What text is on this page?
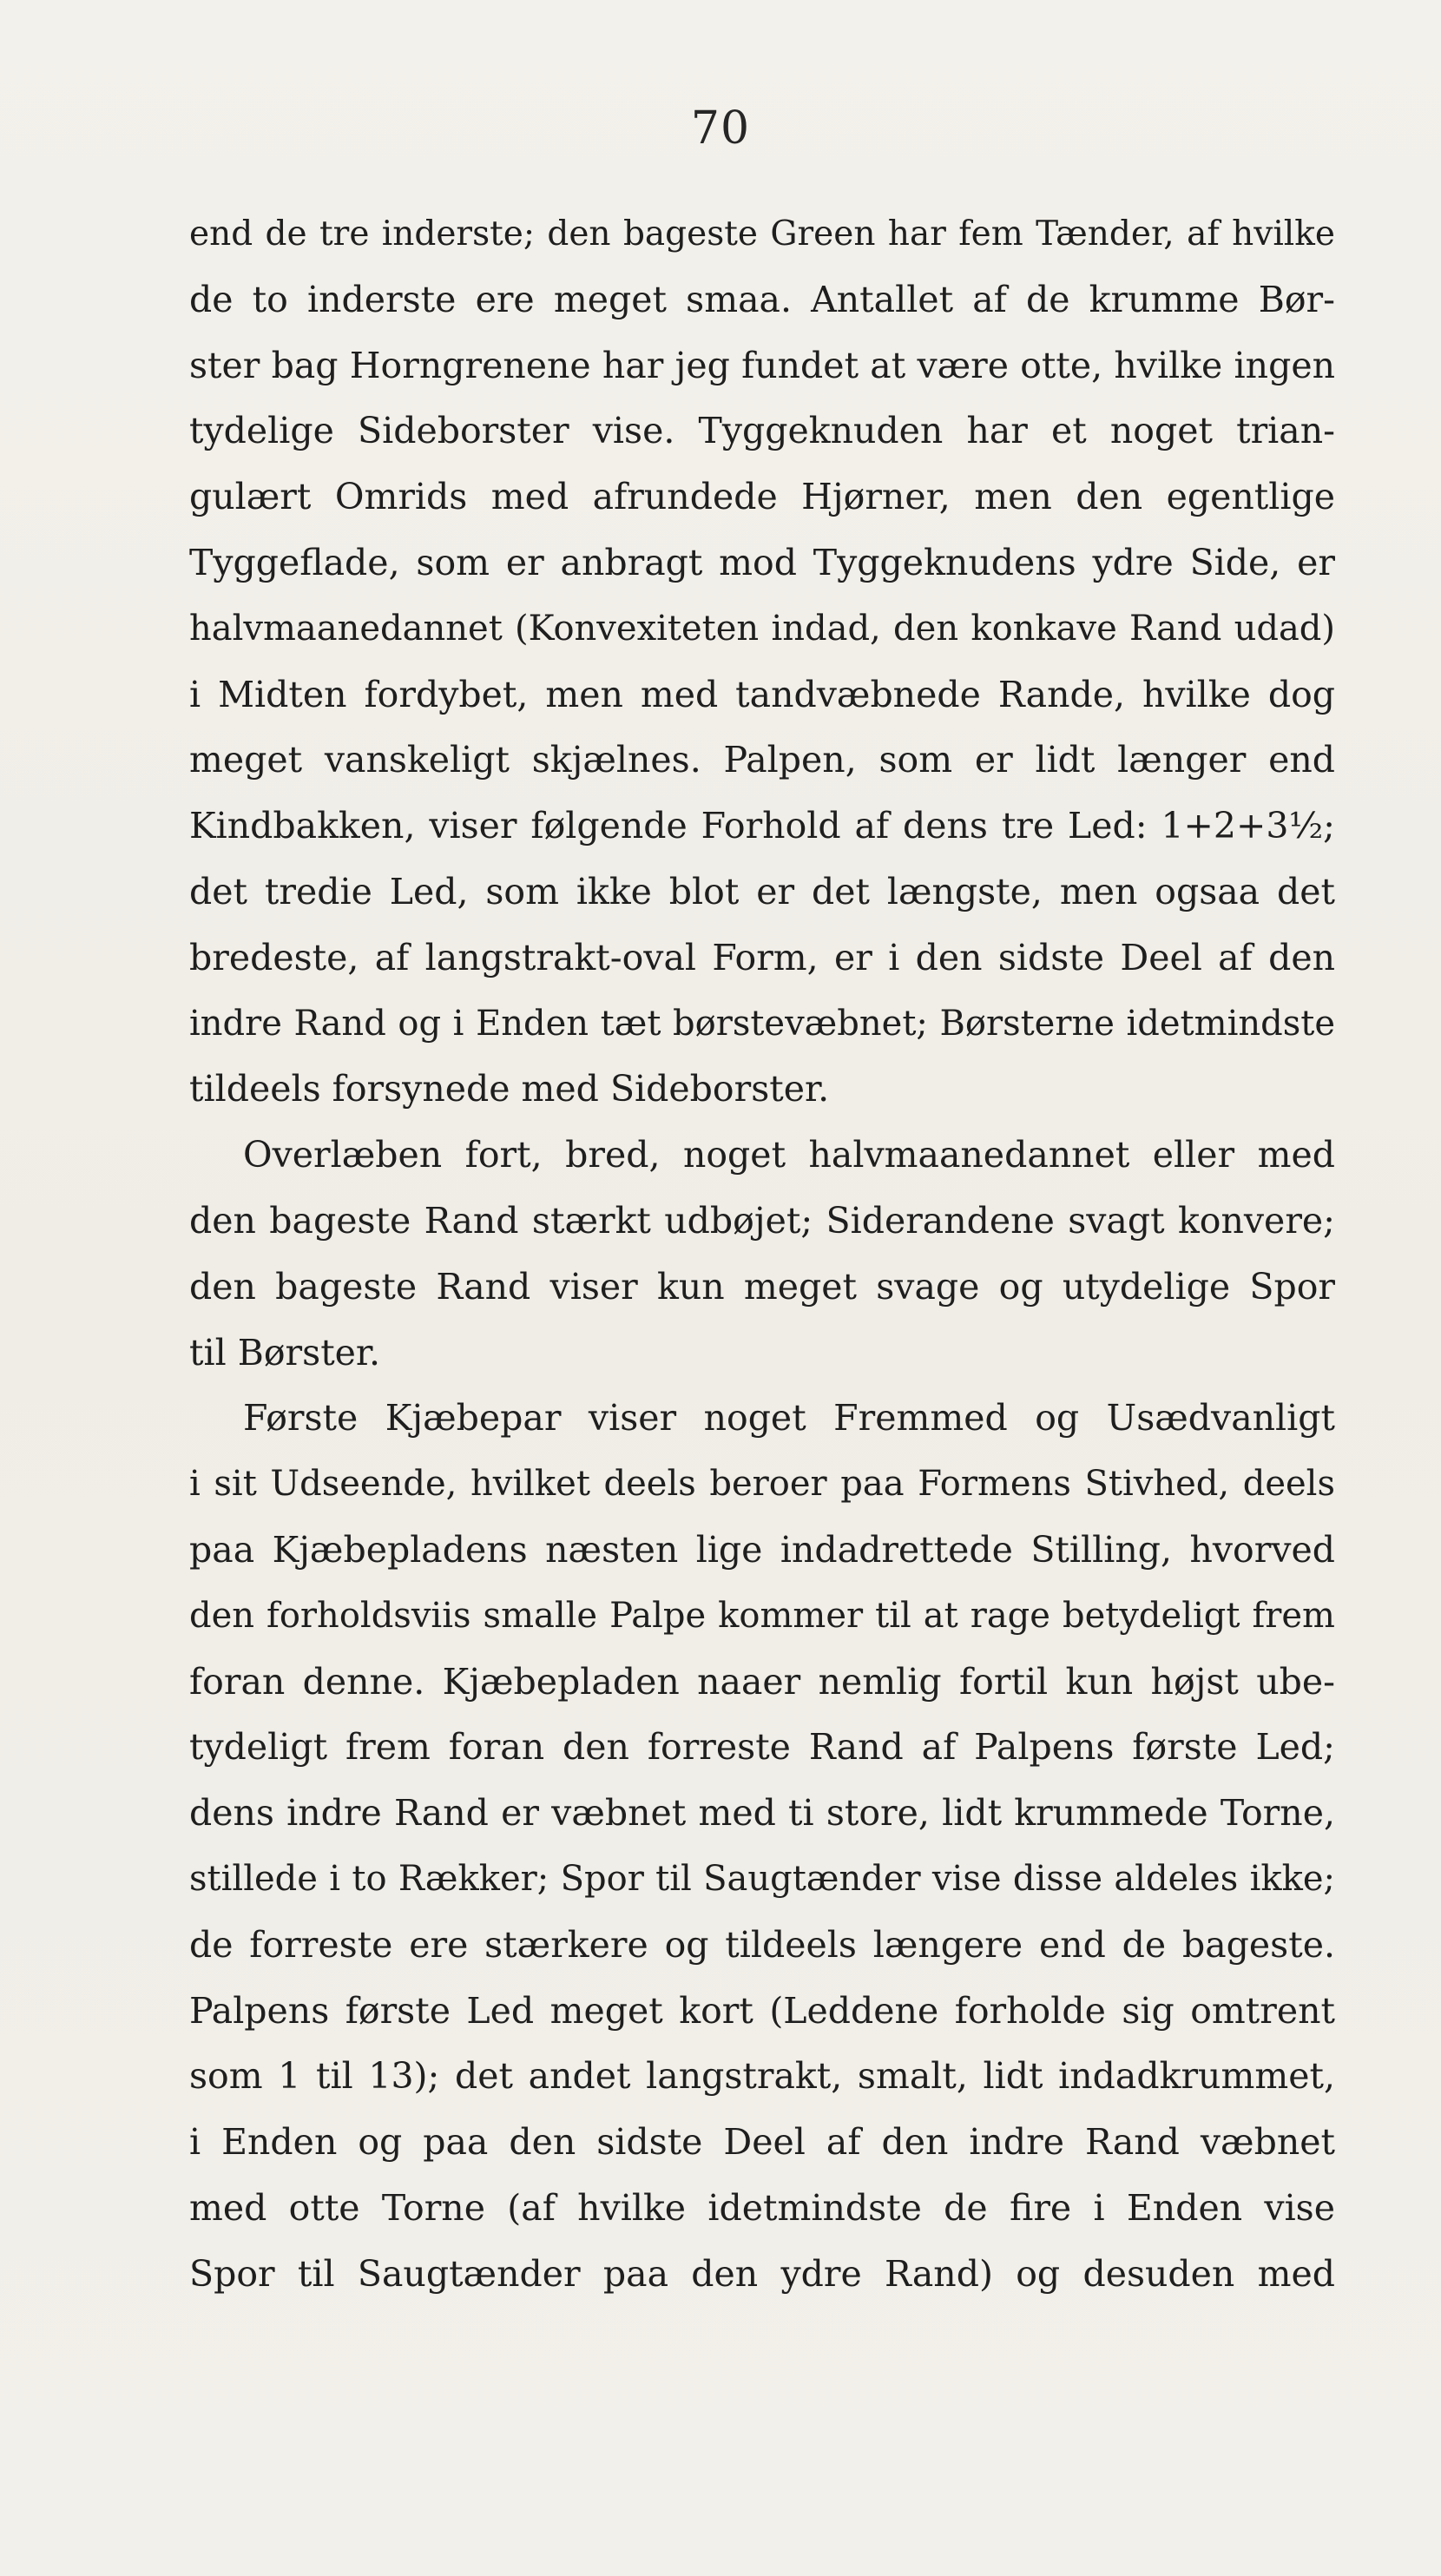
70
end de tre inderste; den bageste Green har fem Tænder, af hvilke
de to inderste ere meget smaa. Antallet af de krumme Bør-
ster bag Horngrenene har jeg fundet at være otte, hvilke ingen
tydelige Sideborster vise. Tyggeknuden har et noget trian-
gulært Omrids med afrundede Hjørner, men den egentlige
Tyggeflade, som er anbragt mod Tyggeknudens ydre Side, er
halvmaanedannet (Konvexiteten indad, den konkave Rand udad)
i Midten fordybet, men med tandvæbnede Rande, hvilke dog
meget vanskeligt skjælnes. Palpen, som er lidt længer end
Kindbakken, viser følgende Forhold af dens tre Led: 1+2+3½;
det tredie Led, som ikke blot er det længste, men ogsaa det
bredeste, af langstrakt-oval Form, er i den sidste Deel af den
indre Rand og i Enden tæt børstevæbnet; Børsterne idetmindste
tildeels forsynede med Sideborster.
Overlæben fort, bred, noget halvmaanedannet eller med
den bageste Rand stærkt udbøjet; Siderandene svagt konvere;
den bageste Rand viser kun meget svage og utydelige Spor
til Børster.
Første Kjæbepar viser noget Fremmed og Usædvanligt
i sit Udseende, hvilket deels beroer paa Formens Stivhed, deels
paa Kjæbepladens næsten lige indadrettede Stilling, hvorved
den forholdsviis smalle Palpe kommer til at rage betydeligt frem
foran denne. Kjæbepladen naaer nemlig fortil kun højst ube-
tydeligt frem foran den forreste Rand af Palpens første Led;
dens indre Rand er væbnet med ti store, lidt krummede Torne,
stillede i to Rækker; Spor til Saugtænder vise disse aldeles ikke;
de forreste ere stærkere og tildeels længere end de bageste.
Palpens første Led meget kort (Leddene forholde sig omtrent
som 1 til 13); det andet langstrakt, smalt, lidt indadkrummet,
i Enden og paa den sidste Deel af den indre Rand væbnet
med otte Torne (af hvilke idetmindste de fire i Enden vise
Spor til Saugtænder paa den ydre Rand) og desuden med
